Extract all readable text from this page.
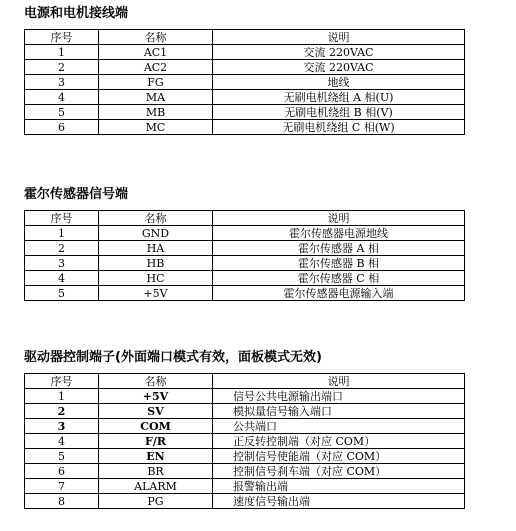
电源和电机接线端
序号	名称	说明
1	AC1	交流 220VAC
2	AC2	交流 220VAC
3	FG	地线
4	MA	无刷电机绕组 A 相(U)
5	MB	无刷电机绕组 B 相(V)
6	MC	无刷电机绕组 C 相(W)
霍尔传感器信号端
序号	名称	说明
1	GND	霍尔传感器电源地线
2	HA	霍尔传感器 A 相
3	HB	霍尔传感器 B 相
4	HC	霍尔传感器 C 相
5	+5V	霍尔传感器电源输入端
驱动器控制端子(外面端口模式有效，面板模式无效)
序号	名称	说明
1	+5V	信号公共电源输出端口
2	SV	模拟量信号输入端口
3	COM	公共端口
4	F/R	正反转控制端（对应 COM）
5	EN	控制信号使能端（对应 COM）
6	BR	控制信号刹车端（对应 COM）
7	ALARM	报警输出端
8	PG	速度信号输出端
